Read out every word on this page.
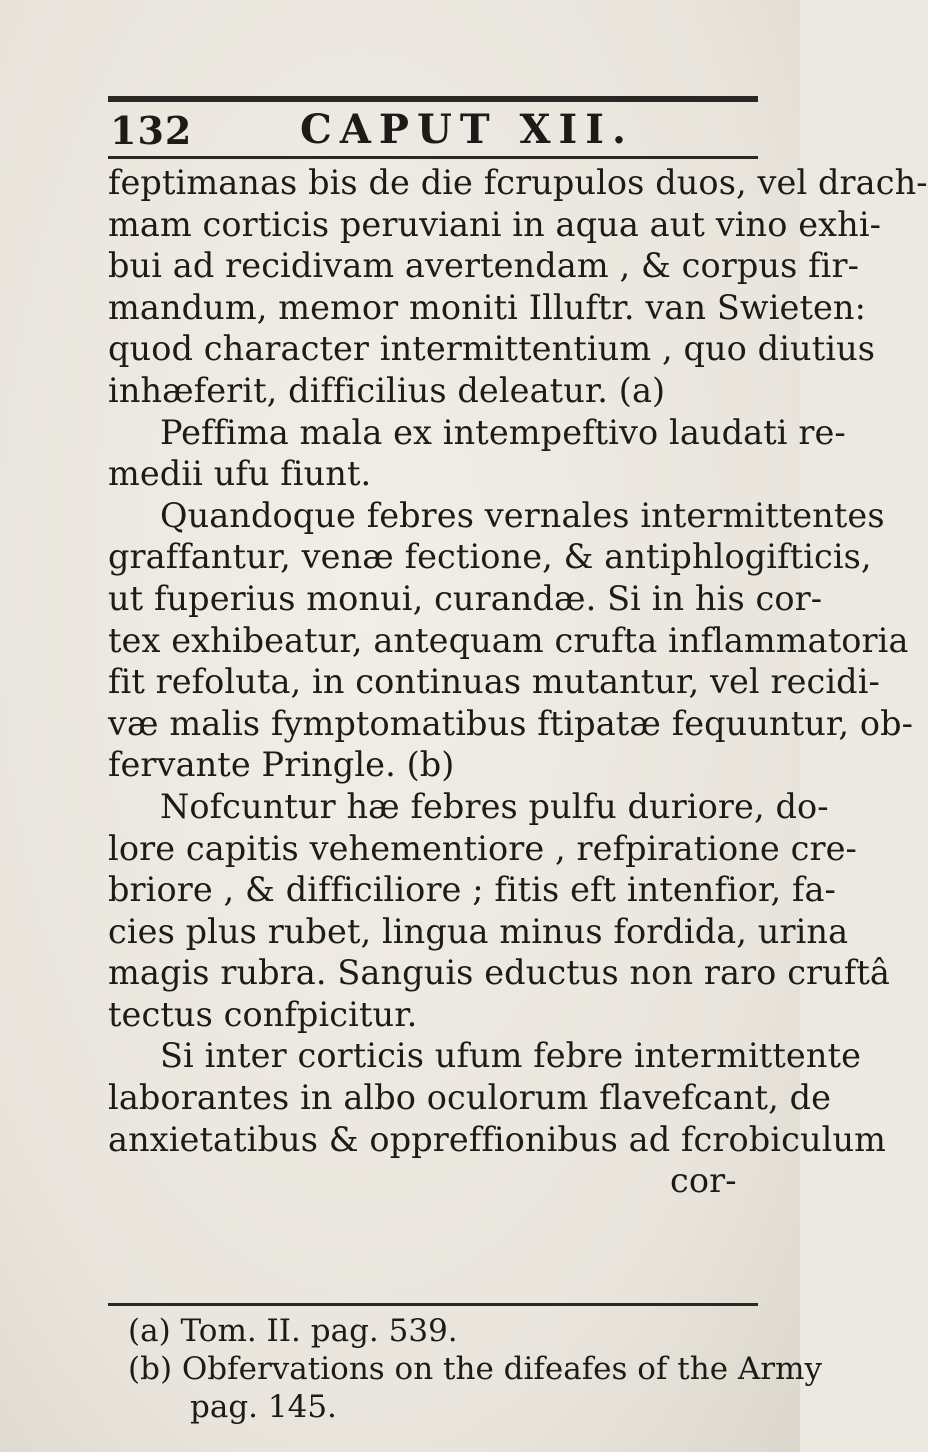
132	CAPUT XII.
feptimanas bis de die fcrupulos duos, vel drach-
mam corticis peruviani in aqua aut vino exhi-
bui ad recidivam avertendam , & corpus fir-
mandum, memor moniti Illuftr. van Swieten:
quod character intermittentium , quo diutius
inhæferit, difficilius deleatur. (a)
Peffima mala ex intempeftivo laudati re-
medii ufu fiunt.
Quandoque febres vernales intermittentes
graffantur, venæ fectione, & antiphlogifticis,
ut fuperius monui, curandæ. Si in his cor-
tex exhibeatur, antequam crufta inflammatoria
fit refoluta, in continuas mutantur, vel recidi-
væ malis fymptomatibus ftipatæ fequuntur, ob-
fervante Pringle. (b)
Nofcuntur hæ febres pulfu duriore, do-
lore capitis vehementiore , refpiratione cre-
briore , & difficiliore ; fitis eft intenfior, fa-
cies plus rubet, lingua minus fordida, urina
magis rubra. Sanguis eductus non raro cruftâ
tectus confpicitur.
Si inter corticis ufum febre intermittente
laborantes in albo oculorum flavefcant, de
anxietatibus & oppreffionibus ad fcrobiculum
cor-
(a) Tom. II. pag. 539.
(b) Obfervations on the difeafes of the Army
pag. 145.
